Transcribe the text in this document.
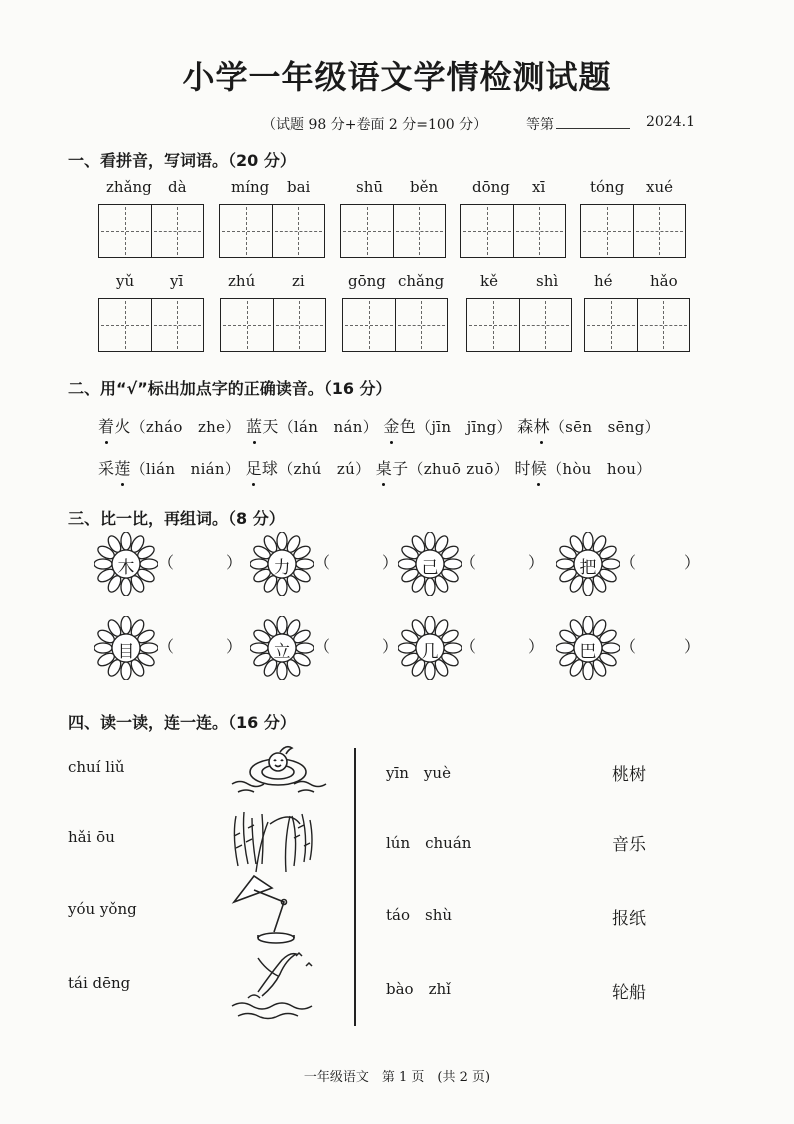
小学一年级语文学情检测试题
（试题 98 分+卷面 2 分=100 分）	等第	2024.1
一、看拼音，写词语。（20 分）
zhǎng dà	míng bai	shū běn dōng xī	tóng xué
yǔ yī	zhú zi	gōng chǎng kě	shì hé hǎo
二、用“√”标出加点字的正确读音。（16 分）
着火（zháo　zhe） 蓝天（lán　nán） 金色（jīn　jīng） 森林（sēn　sēng）
采莲（lián　nián） 足球（zhú　zú） 桌子（zhuō zuō） 时候（hòu　hou）
三、比一比，再组词。（8 分）
木	（	）	力	（	）	己	（	）	把	（	）
目	（	）	立	（	）	几	（	）	巴	（	）
四、读一读，连一连。（16 分）
chuí liǔ
hǎi ōu
yóu yǒng
tái dēng
yīn　yuè
lún　chuán
táo　shù
bào　zhǐ
桃树
音乐
报纸
轮船
一年级语文　第 1 页　(共 2 页)
